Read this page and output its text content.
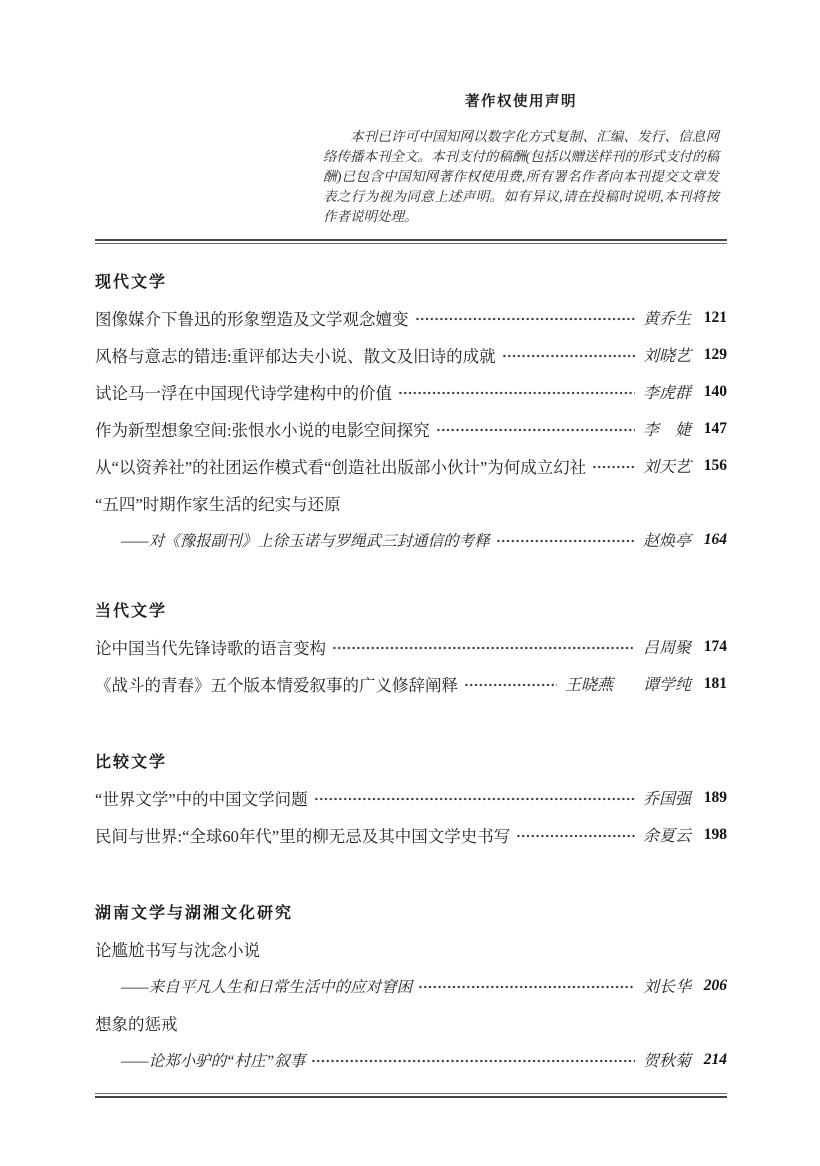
著作权使用声明
本刊已许可中国知网以数字化方式复制、汇编、发行、信息网络传播本刊全文。本刊支付的稿酬(包括以赠送样刊的形式支付的稿酬)已包含中国知网著作权使用费,所有署名作者向本刊提交文章发表之行为视为同意上述声明。如有异议,请在投稿时说明,本刊将按作者说明处理。
现代文学
图像媒介下鲁迅的形象塑造及文学观念嬗变	黄乔生 121
风格与意志的错违:重评郁达夫小说、散文及旧诗的成就	刘晓艺 129
试论马一浮在中国现代诗学建构中的价值	李虎群 140
作为新型想象空间:张恨水小说的电影空间探究	李　婕 147
从“以资养社”的社团运作模式看“创造社出版部小伙计”为何成立幻社	刘天艺 156
“五四”时期作家生活的纪实与还原
——对《豫报副刊》上徐玉诺与罗绳武三封通信的考释	赵焕亭 164
当代文学
论中国当代先锋诗歌的语言变构	吕周聚 174
《战斗的青春》五个版本情爱叙事的广义修辞阐释	王晓燕 谭学纯 181
比较文学
“世界文学”中的中国文学问题	乔国强 189
民间与世界:“全球60年代”里的柳无忌及其中国文学史书写	余夏云 198
湖南文学与湖湘文化研究
论尴尬书写与沈念小说
——来自平凡人生和日常生活中的应对窘困	刘长华 206
想象的惩戒
——论郑小驴的“村庄”叙事	贺秋菊 214
